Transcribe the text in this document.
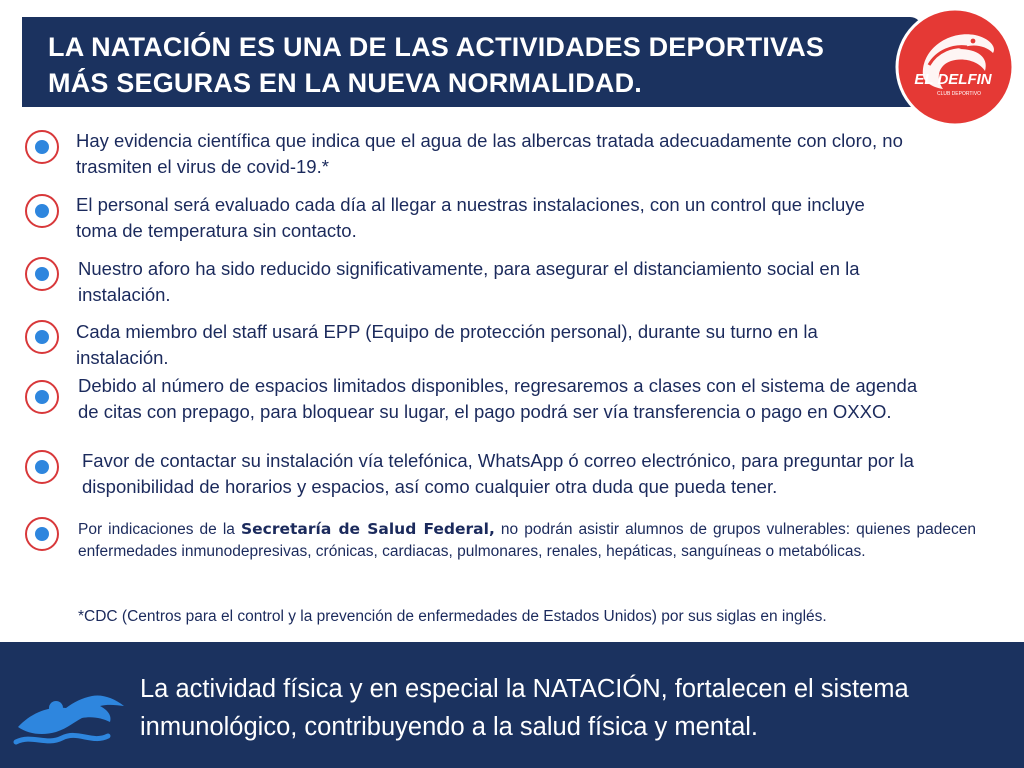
LA NATACIÓN ES UNA DE LAS ACTIVIDADES DEPORTIVAS
MÁS SEGURAS EN LA NUEVA NORMALIDAD.	EL DELFIN
CLUB DEPORTIVO
Hay evidencia científica que indica que el agua de las albercas tratada adecuadamente con cloro, no
trasmiten el virus de covid-19.*
El personal será evaluado cada día al llegar a nuestras instalaciones, con un control que incluye
toma de temperatura sin contacto.
Nuestro aforo ha sido reducido significativamente, para asegurar el distanciamiento social en la
instalación.
Cada miembro del staff usará EPP (Equipo de protección personal), durante su turno en la
instalación.
Debido al número de espacios limitados disponibles, regresaremos a clases con el sistema de agenda
de citas con prepago, para bloquear su lugar, el pago podrá ser vía transferencia o pago en OXXO.
Favor de contactar su instalación vía telefónica, WhatsApp ó correo electrónico, para preguntar por la
disponibilidad de horarios y espacios, así como cualquier otra duda que pueda tener.
Por indicaciones de la Secretaría de Salud Federal, no podrán asistir alumnos de grupos vulnerables: quienes padecen enfermedades inmunodepresivas, crónicas, cardiacas, pulmonares, renales, hepáticas, sanguíneas o metabólicas.
*CDC (Centros para el control y la prevención de enfermedades de Estados Unidos) por sus siglas en inglés.
La actividad física y en especial la NATACIÓN, fortalecen el sistema
inmunológico, contribuyendo a la salud física y mental.
